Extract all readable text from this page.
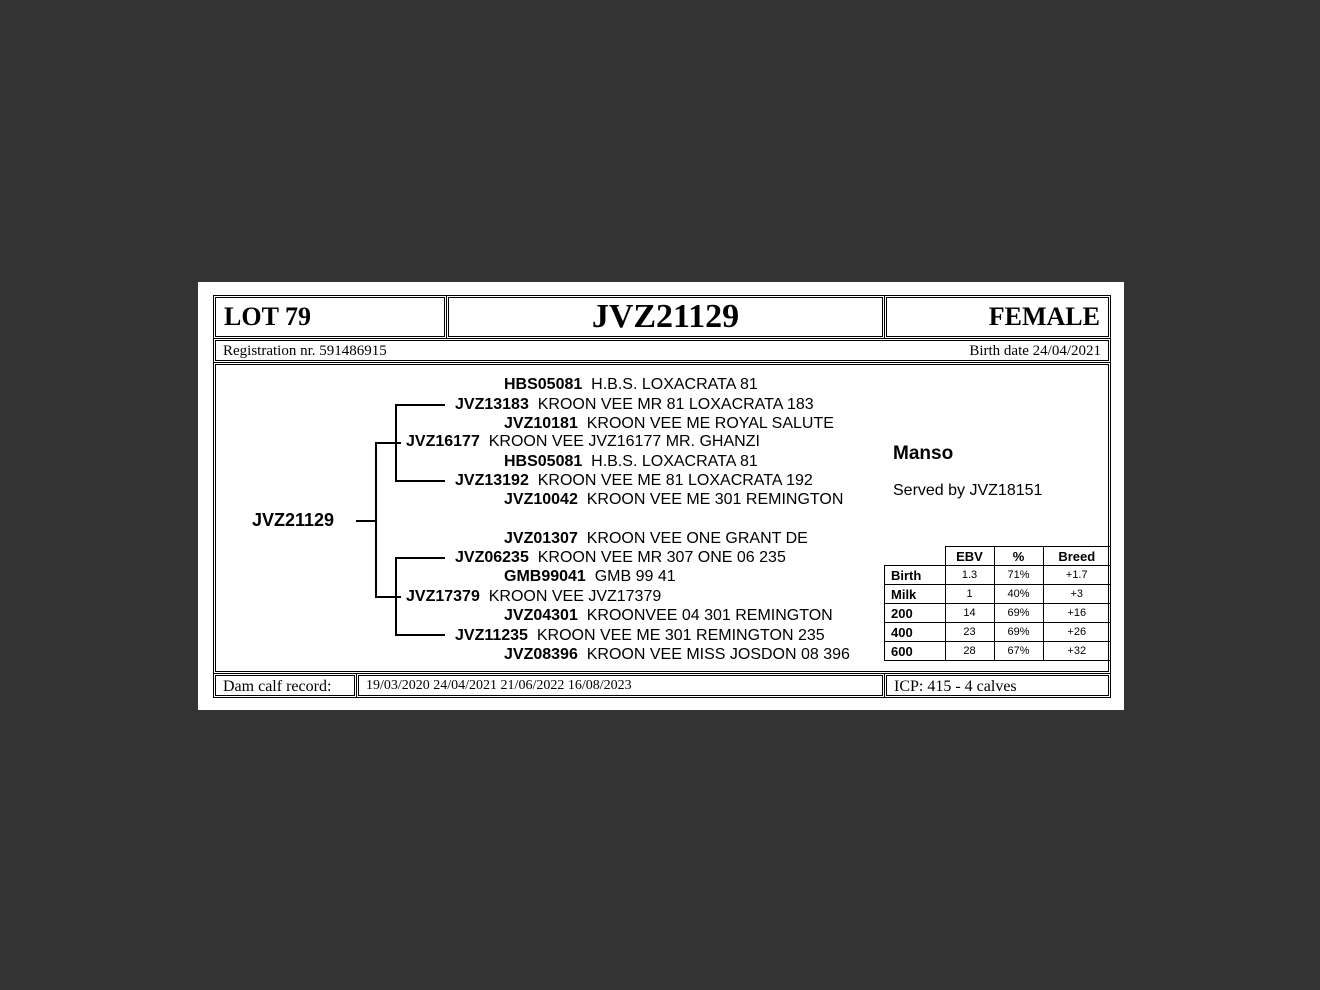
LOT 79	JVZ21129	FEMALE
Registration nr. 591486915	Birth date 24/04/2021
JVZ21129
HBS05081 H.B.S. LOXACRATA 81
JVZ13183 KROON VEE MR 81 LOXACRATA 183
JVZ10181 KROON VEE ME ROYAL SALUTE
JVZ16177 KROON VEE JVZ16177 MR. GHANZI
HBS05081 H.B.S. LOXACRATA 81
JVZ13192 KROON VEE ME 81 LOXACRATA 192
JVZ10042  KROON VEE ME 301 REMINGTON
JVZ01307 KROON VEE ONE GRANT DE
JVZ06235 KROON VEE MR 307 ONE 06 235
GMB99041 GMB 99 41
JVZ17379 KROON VEE JVZ17379
JVZ04301 KROONVEE 04 301 REMINGTON
JVZ11235 KROON VEE ME 301 REMINGTON 235
JVZ08396 KROON VEE MISS JOSDON 08 396
Manso
Served by JVZ18151
	EBV	%	Breed
Birth	1.3	71%	+1.7
Milk	1	40%	+3
200	14	69%	+16
400	23	69%	+26
600	28	67%	+32
Dam calf record: 19/03/2020 24/04/2021 21/06/2022 16/08/2023	ICP: 415 - 4 calves
